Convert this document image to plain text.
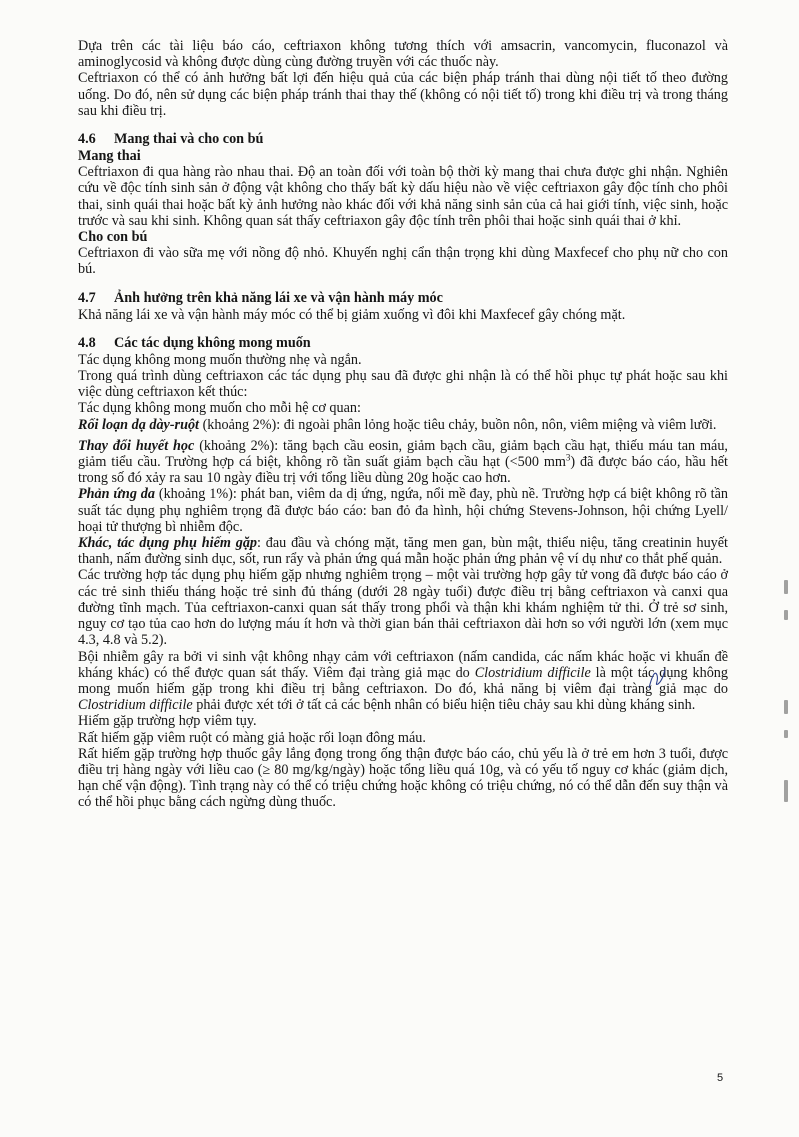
Dựa trên các tài liệu báo cáo, ceftriaxon không tương thích với amsacrin, vancomycin, fluconazol và aminoglycosid và không được dùng cùng đường truyền với các thuốc này.

Ceftriaxon có thể có ảnh hưởng bất lợi đến hiệu quả của các biện pháp tránh thai dùng nội tiết tố theo đường uống. Do đó, nên sử dụng các biện pháp tránh thai thay thế (không có nội tiết tố) trong khi điều trị và trong tháng sau khi điều trị.

4.6 Mang thai và cho con bú
Mang thai

Ceftriaxon đi qua hàng rào nhau thai. Độ an toàn đối với toàn bộ thời kỳ mang thai chưa được ghi nhận. Nghiên cứu về độc tính sinh sản ở động vật không cho thấy bất kỳ dấu hiệu nào về việc ceftriaxon gây độc tính cho phôi thai, sinh quái thai hoặc bất kỳ ảnh hưởng nào khác đối với khả năng sinh sản của cả hai giới tính, việc sinh, hoặc trước và sau khi sinh. Không quan sát thấy ceftriaxon gây độc tính trên phôi thai hoặc sinh quái thai ở khỉ.

Cho con bú

Ceftriaxon đi vào sữa mẹ với nồng độ nhỏ. Khuyến nghị cẩn thận trọng khi dùng Maxfecef cho phụ nữ cho con bú.

4.7 Ảnh hưởng trên khả năng lái xe và vận hành máy móc

Khả năng lái xe và vận hành máy móc có thể bị giảm xuống vì đôi khi Maxfecef gây chóng mặt.

4.8 Các tác dụng không mong muốn

Tác dụng không mong muốn thường nhẹ và ngắn.

Trong quá trình dùng ceftriaxon các tác dụng phụ sau đã được ghi nhận là có thể hồi phục tự phát hoặc sau khi việc dùng ceftriaxon kết thúc:

Tác dụng không mong muốn cho mỗi hệ cơ quan:

Rối loạn dạ dày-ruột (khoảng 2%): đi ngoài phân lỏng hoặc tiêu chảy, buồn nôn, nôn, viêm miệng và viêm lưỡi.

Thay đổi huyết học (khoảng 2%): tăng bạch cầu eosin, giảm bạch cầu, giảm bạch cầu hạt, thiếu máu tan máu, giảm tiểu cầu. Trường hợp cá biệt, không rõ tần suất giảm bạch cầu hạt (<500 $mm^3$) đã được báo cáo, hầu hết trong số đó xảy ra sau 10 ngày điều trị với tổng liều dùng 20g hoặc cao hơn.

Phản ứng da (khoảng 1%): phát ban, viêm da dị ứng, ngứa, nổi mề đay, phù nề. Trường hợp cá biệt không rõ tần suất tác dụng phụ nghiêm trọng đã được báo cáo: ban đỏ đa hình, hội chứng Stevens-Johnson, hội chứng Lyell/ hoại tử thượng bì nhiễm độc.

Khác, tác dụng phụ hiếm gặp: đau đầu và chóng mặt, tăng men gan, bùn mật, thiểu niệu, tăng creatinin huyết thanh, nấm đường sinh dục, sốt, run rẩy và phản ứng quá mẫn hoặc phản ứng phản vệ ví dụ như co thắt phế quản.

Các trường hợp tác dụng phụ hiếm gặp nhưng nghiêm trọng – một vài trường hợp gây tử vong đã được báo cáo ở các trẻ sinh thiếu tháng hoặc trẻ sinh đủ tháng (dưới 28 ngày tuổi) được điều trị bằng ceftriaxon và canxi qua đường tĩnh mạch. Tủa ceftriaxon-canxi quan sát thấy trong phổi và thận khi khám nghiệm tử thi. Ở trẻ sơ sinh, nguy cơ tạo tủa cao hơn do lượng máu ít hơn và thời gian bán thải ceftriaxon dài hơn so với người lớn (xem mục 4.3, 4.8 và 5.2).

Bội nhiễm gây ra bởi vi sinh vật không nhạy cảm với ceftriaxon (nấm candida, các nấm khác hoặc vi khuẩn đề kháng khác) có thể được quan sát thấy. Viêm đại tràng giả mạc do Clostridium difficile là một tác dụng không mong muốn hiếm gặp trong khi điều trị bằng ceftriaxon. Do đó, khả năng bị viêm đại tràng giả mạc do Clostridium difficile phải được xét tới ở tất cả các bệnh nhân có biểu hiện tiêu chảy sau khi dùng kháng sinh.

Hiếm gặp trường hợp viêm tụy.

Rất hiếm gặp viêm ruột có màng giả hoặc rối loạn đông máu.

Rất hiếm gặp trường hợp thuốc gây lắng đọng trong ống thận được báo cáo, chủ yếu là ở trẻ em hơn 3 tuổi, được điều trị hàng ngày với liều cao (≥ 80 mg/kg/ngày) hoặc tổng liều quá 10g, và có yếu tố nguy cơ khác (giảm dịch, hạn chế vận động). Tình trạng này có thể có triệu chứng hoặc không có triệu chứng, nó có thể dẫn đến suy thận và có thể hồi phục bằng cách ngừng dùng thuốc.

5
